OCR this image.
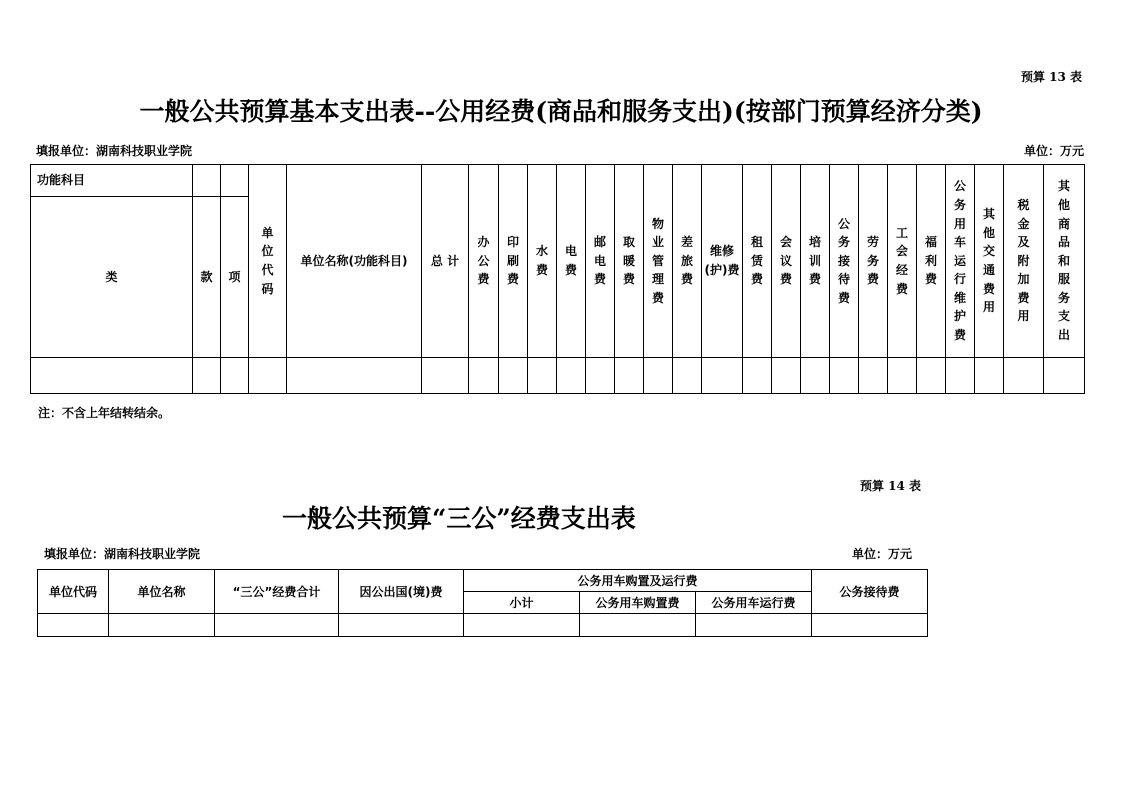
预算 13 表
一般公共预算基本支出表--公用经费(商品和服务支出)(按部门预算经济分类)
填报单位：湖南科技职业学院	单位：万元
功能科目			单位代码	单位名称(功能科目)	总 计	办公费	印刷费	水费	电费	邮电费	取暖费	物业管理费	差旅费	维修(护)费	租赁费	会议费	培训费	公务接待费	劳务费	工会经费	福利费	公务用车运行维护费	其他交通费用	税金及附加费用	其他商品和服务支出
类	款	项																							

注：不含上年结转结余。
预算 14 表
一般公共预算“三公”经费支出表
填报单位：湖南科技职业学院	单位：万元
单位代码	单位名称	“三公”经费合计	因公出国(境)费	公务用车购置及运行费			公务接待费
				小计	公务用车购置费	公务用车运行费	
